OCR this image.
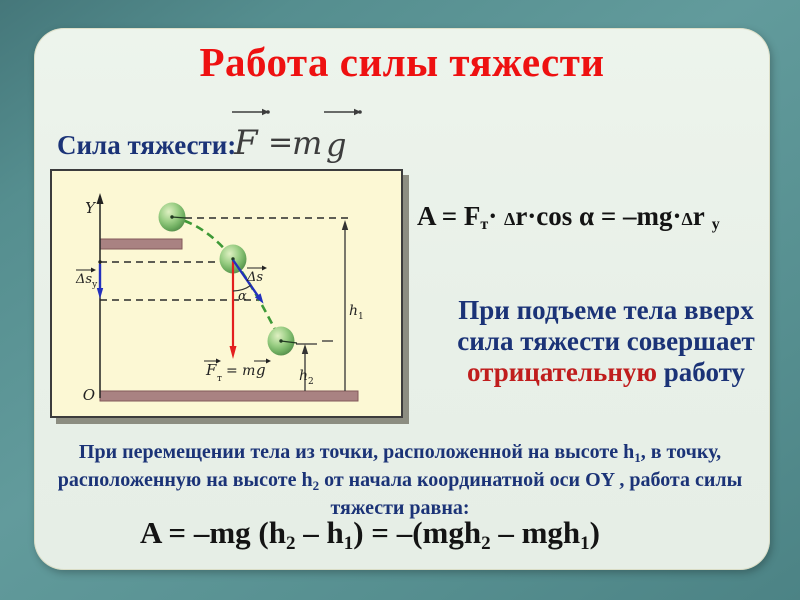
Работа силы тяжести
Сила тяжести:
F =
m g
Y
O
$\Delta s_y$	Δs
α
F т = m g $h_2$
$h_1$
$A = F_т\cdot \Delta r\cdot\cos$ α = –mg·Δr $_y$
При подъеме тела вверх
сила тяжести совершает
отрицательную работу
При перемещении тела из точки, расположенной на высоте $h_1$, в точку,
расположенную на высоте $h_2$ от начала координатной оси OY , работа силы
тяжести равна:
A = –mg $(h_2 - h_1) = -(mgh_2 - mgh_1)$
